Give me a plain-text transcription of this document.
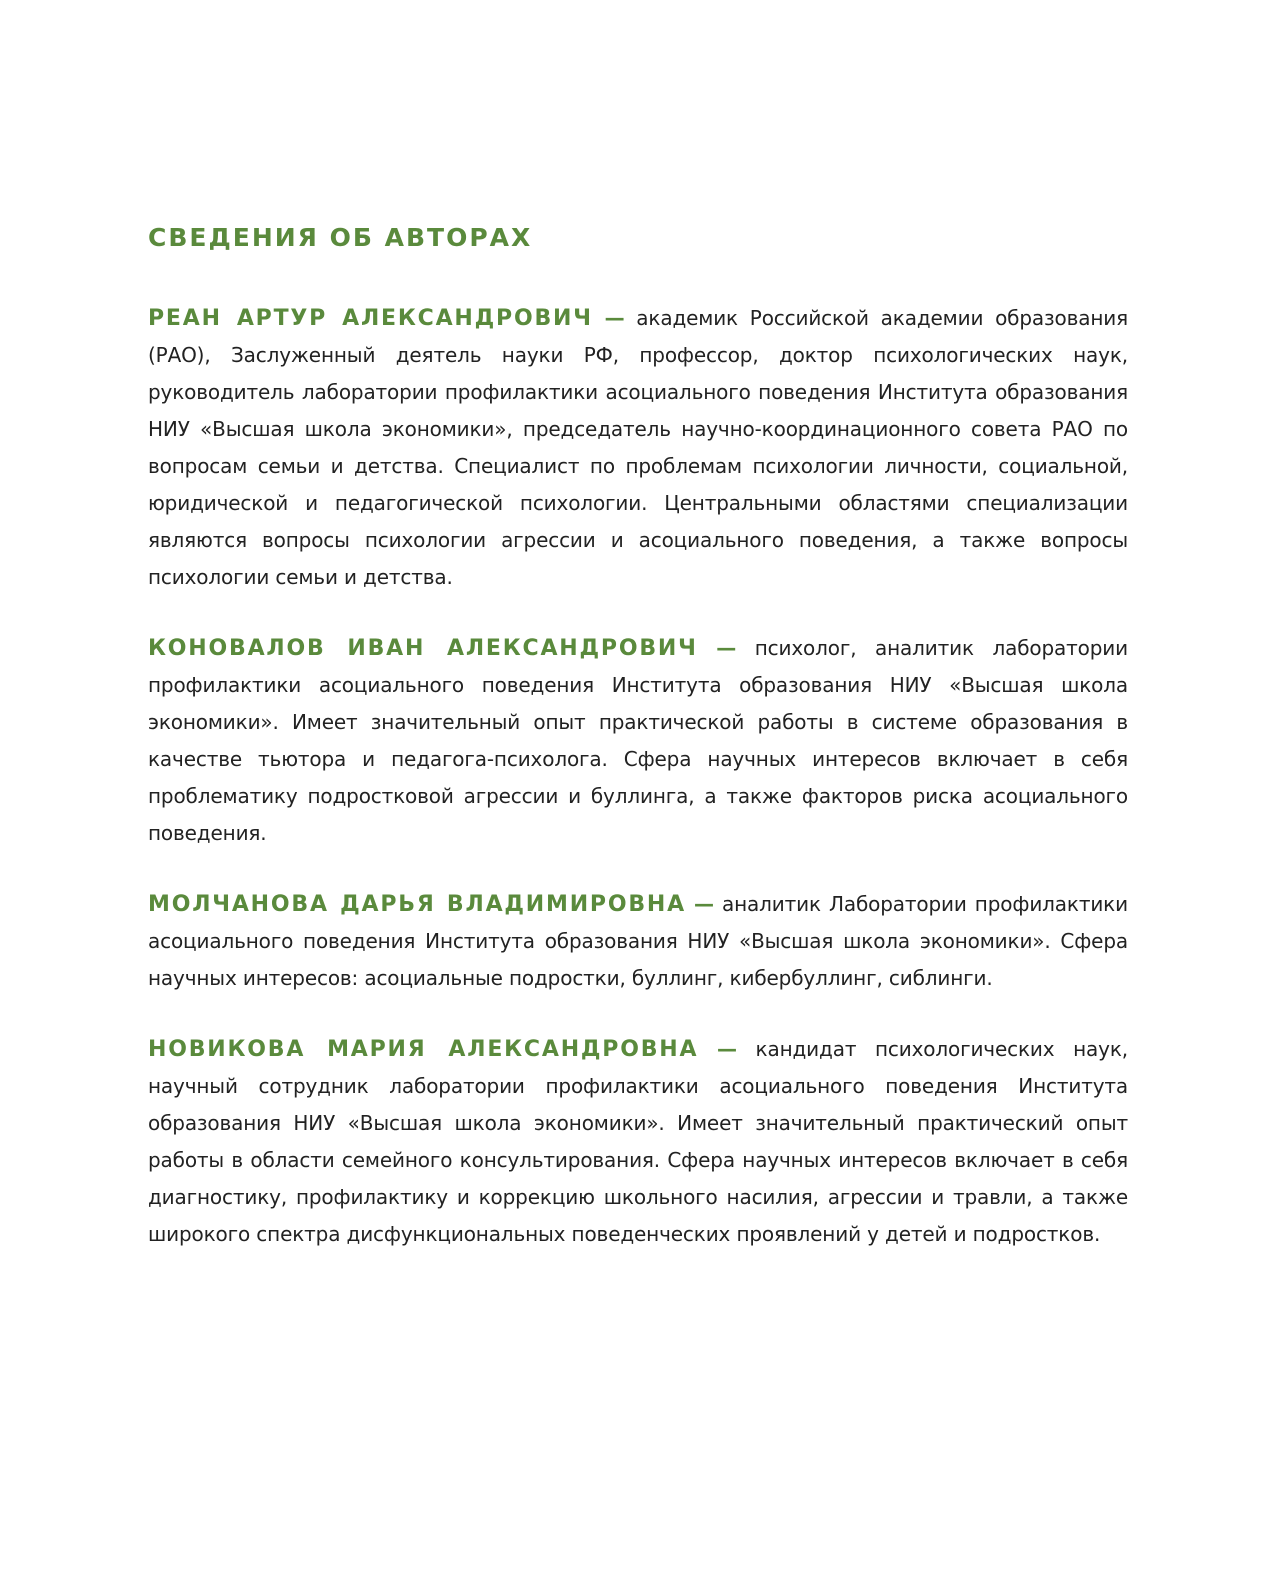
СВЕДЕНИЯ ОБ АВТОРАХ

РЕАН АРТУР АЛЕКСАНДРОВИЧ — академик Российской академии образования (РАО), Заслуженный деятель науки РФ, профессор, доктор психологических наук, руководитель лаборатории профилактики асоциального поведения Института образования НИУ «Высшая школа экономики», председатель научно-координационного совета РАО по вопросам семьи и детства. Специалист по проблемам психологии личности, социальной, юридической и педагогической психологии. Центральными областями специализации являются вопросы психологии агрессии и асоциального поведения, а также вопросы психологии семьи и детства.

КОНОВАЛОВ ИВАН АЛЕКСАНДРОВИЧ — психолог, аналитик лаборатории профилактики асоциального поведения Института образования НИУ «Высшая школа экономики». Имеет значительный опыт практической работы в системе образования в качестве тьютора и педагога-психолога. Сфера научных интересов включает в себя проблематику подростковой агрессии и буллинга, а также факторов риска асоциального поведения.

МОЛЧАНОВА ДАРЬЯ ВЛАДИМИРОВНА — аналитик Лаборатории профилактики асоциального поведения Института образования НИУ «Высшая школа экономики». Сфера научных интересов: асоциальные подростки, буллинг, кибербуллинг, сиблинги.

НОВИКОВА МАРИЯ АЛЕКСАНДРОВНА — кандидат психологических наук, научный сотрудник лаборатории профилактики асоциального поведения Института образования НИУ «Высшая школа экономики». Имеет значительный практический опыт работы в области семейного консультирования. Сфера научных интересов включает в себя диагностику, профилактику и коррекцию школьного насилия, агрессии и травли, а также широкого спектра дисфункциональных поведенческих проявлений у детей и подростков.
